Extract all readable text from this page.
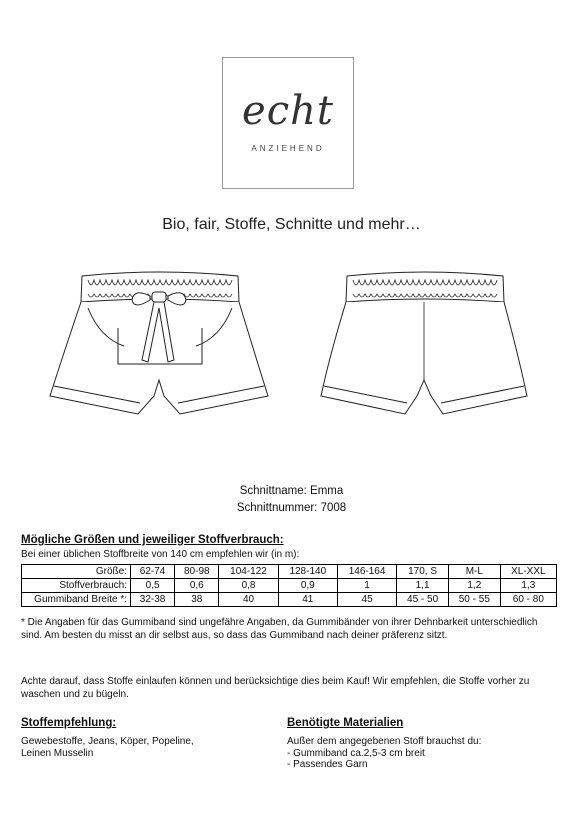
echt
ANZIEHEND
Bio, fair, Stoffe, Schnitte und mehr…
Schnittname: Emma
Schnittnummer: 7008
Mögliche Größen und jeweiliger Stoffverbrauch:
Bei einer üblichen Stoffbreite von 140 cm empfehlen wir (in m):
Größe:	62-74	80-98	104-122	128-140	146-164	170, S	M-L	XL-XXL
Stoffverbrauch:	0,5	0,6	0,8	0,9	1	1,1	1,2	1,3
Gummiband Breite *:	32-38	38	40	41	45	45 - 50	50 - 55	60 - 80
* Die Angaben für das Gummiband sind ungefähre Angaben, da Gummibänder von ihrer Dehnbarkeit unterschiedlich sind. Am besten du misst an dir selbst aus, so dass das Gummiband nach deiner präferenz sitzt.
Achte darauf, dass Stoffe einlaufen können und berücksichtige dies beim Kauf! Wir empfehlen, die Stoffe vorher zu waschen und zu bügeln.
Stoffempfehlung:
Gewebestoffe, Jeans, Köper, Popeline,
Leinen Musselin
Benötigte Materialien
Außer dem angegebenen Stoff brauchst du:
- Gummiband ca.2,5-3 cm breit
- Passendes Garn
